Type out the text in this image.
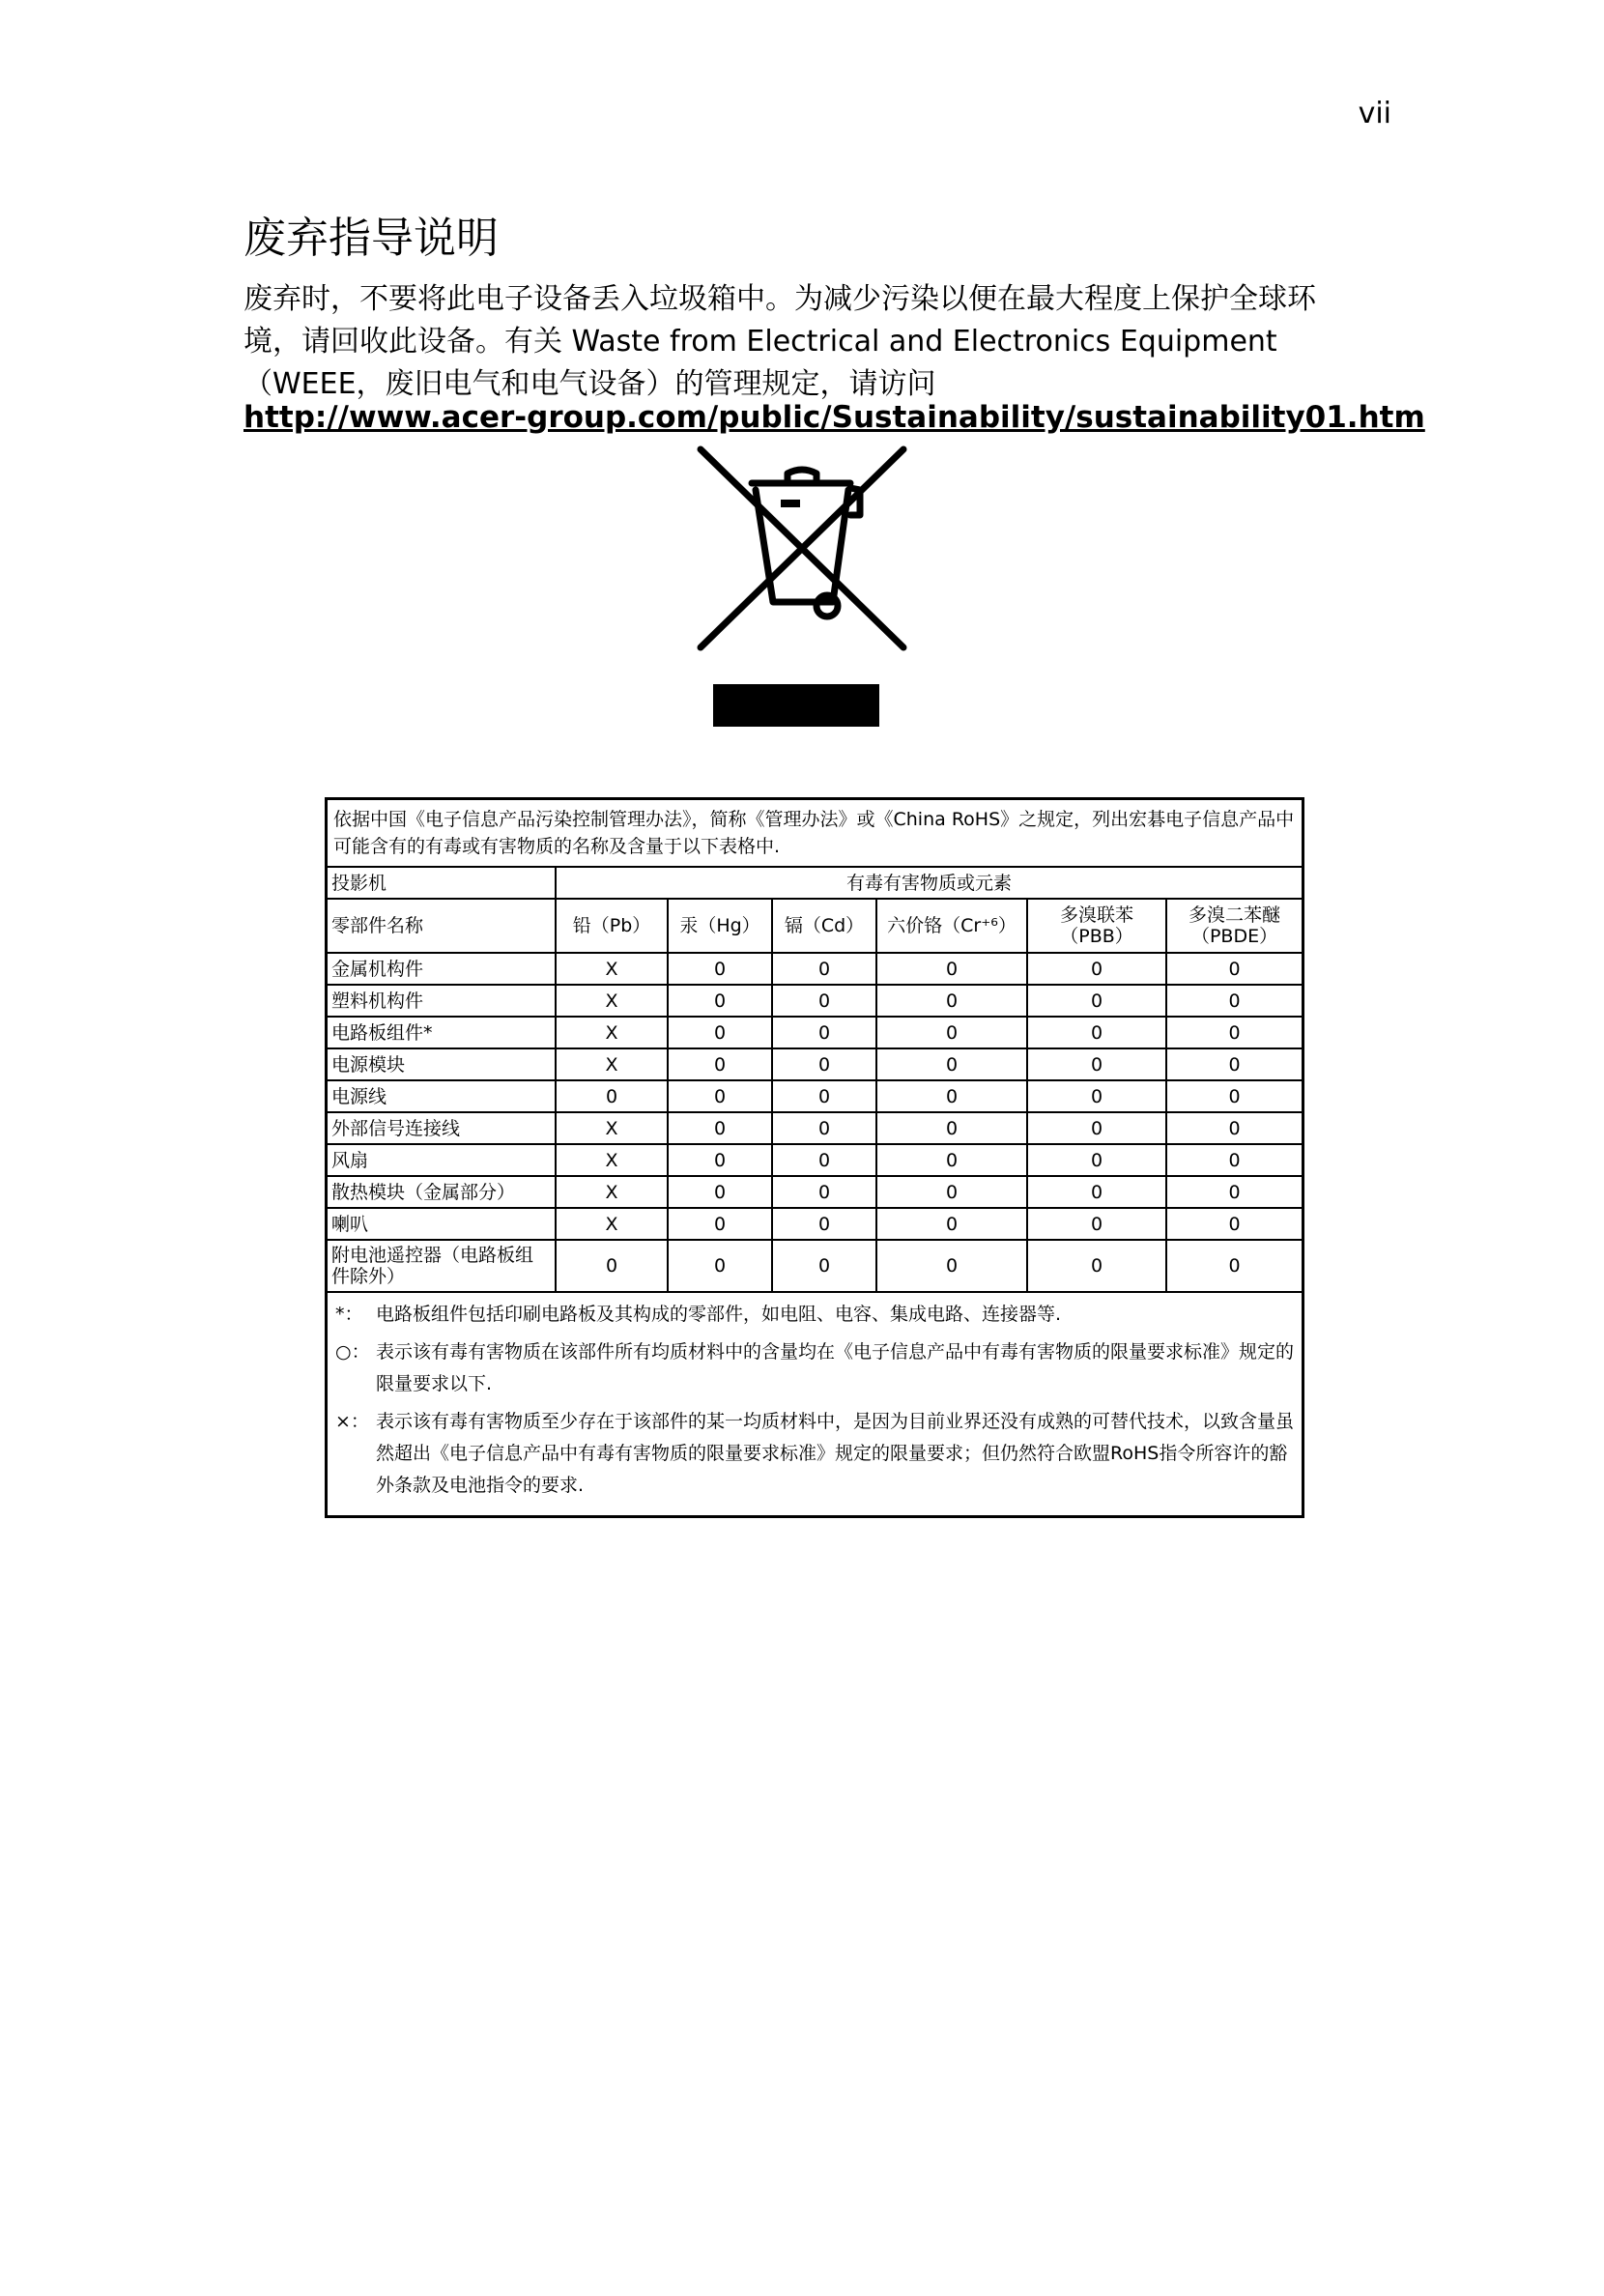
vii
废弃指导说明

废弃时，不要将此电子设备丢入垃圾箱中。为减少污染以便在最大程度上保护全球环

境，请回收此设备。有关 Waste from Electrical and Electronics Equipment

（WEEE，废旧电气和电气设备）的管理规定，请访问

http://www.acer-group.com/public/Sustainability/sustainability01.htm
依据中国《电子信息产品污染控制管理办法》，简称《管理办法》或《China RoHS》之规定，列出宏碁电子信息产品中可能含有的有毒或有害物质的名称及含量于以下表格中.						
投影机	有毒有害物质或元素					
零部件名称	铅（Pb）	汞（Hg）	镉（Cd）	六价铬（Cr⁺⁶）	多溴联苯（PBB）	多溴二苯醚（PBDE）
金属机构件	X	0	0	0	0	0
塑料机构件	X	0	0	0	0	0
电路板组件*	X	0	0	0	0	0
电源模块	X	0	0	0	0	0
电源线	0	0	0	0	0	0
外部信号连接线	X	0	0	0	0	0
风扇	X	0	0	0	0	0
散热模块（金属部分）	X	0	0	0	0	0
喇叭	X	0	0	0	0	0
附电池遥控器（电路板组件除外）	0	0	0	0	0	0
*： 电路板组件包括印刷电路板及其构成的零部件，如电阻、电容、集成电路、连接器等.
○： 表示该有毒有害物质在该部件所有均质材料中的含量均在《电子信息产品中有毒有害物质的限量要求标准》规定的限量要求以下.
×： 表示该有毒有害物质至少存在于该部件的某一均质材料中，是因为目前业界还没有成熟的可替代技术，以致含量虽然超出《电子信息产品中有毒有害物质的限量要求标准》规定的限量要求；但仍然符合欧盟RoHS指令所容许的豁外条款及电池指令的要求.
